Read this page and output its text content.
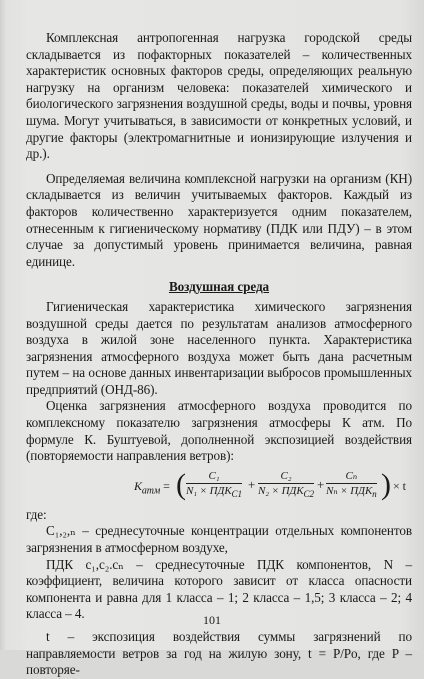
Комплексная антропогенная нагрузка городской среды складывается из пофакторных показателей – количественных характеристик основных факторов среды, определяющих реальную нагрузку на организм человека: показателей химического и биологического загрязнения воздушной среды, воды и почвы, уровня шума. Могут учитываться, в зависимости от конкретных условий, и другие факторы (электромагнитные и ионизирующие излучения и др.).

Определяемая величина комплексной нагрузки на организм (КН) складывается из величин учитываемых факторов. Каждый из факторов количественно характеризуется одним показателем, отнесенным к гигиеническому нормативу (ПДК или ПДУ) – в этом случае за допустимый уровень принимается величина, равная единице.

Воздушная среда

Гигиеническая характеристика химического загрязнения воздушной среды дается по результатам анализов атмосферного воздуха в жилой зоне населенного пункта. Характеристика загрязнения атмосферного воздуха может быть дана расчетным путем – на основе данных инвентаризации выбросов промышленных предприятий (ОНД-86).

Оценка загрязнения атмосферного воздуха проводится по комплексному показателю загрязнения атмосферы К атм. По формуле К. Буштуевой, дополненной экспозицией воздействия (повторяемости направления ветров):

$K_{атм}$ = (	C₁
$N_1 \times ПДК_{C1}$
+
C₂
$N_2 \times ПДК_{C2}$
+
Cₙ
$N_n \times ПДК_n$ ) × t

где:

C₁,₂,ₙ – среднесуточные концентрации отдельных компонентов загрязнения в атмосферном воздухе,

ПДК c₁,c₂.cₙ – среднесуточные ПДК компонентов, N – коэффициент, величина которого зависит от класса опасности компонента и равна для 1 класса – 1; 2 класса – 1,5; 3 класса – 2; 4 класса – 4.

t – экспозиция воздействия суммы загрязнений по направляемости ветров за год на жилую зону, t = P/Po, где P – повторяе-

101
